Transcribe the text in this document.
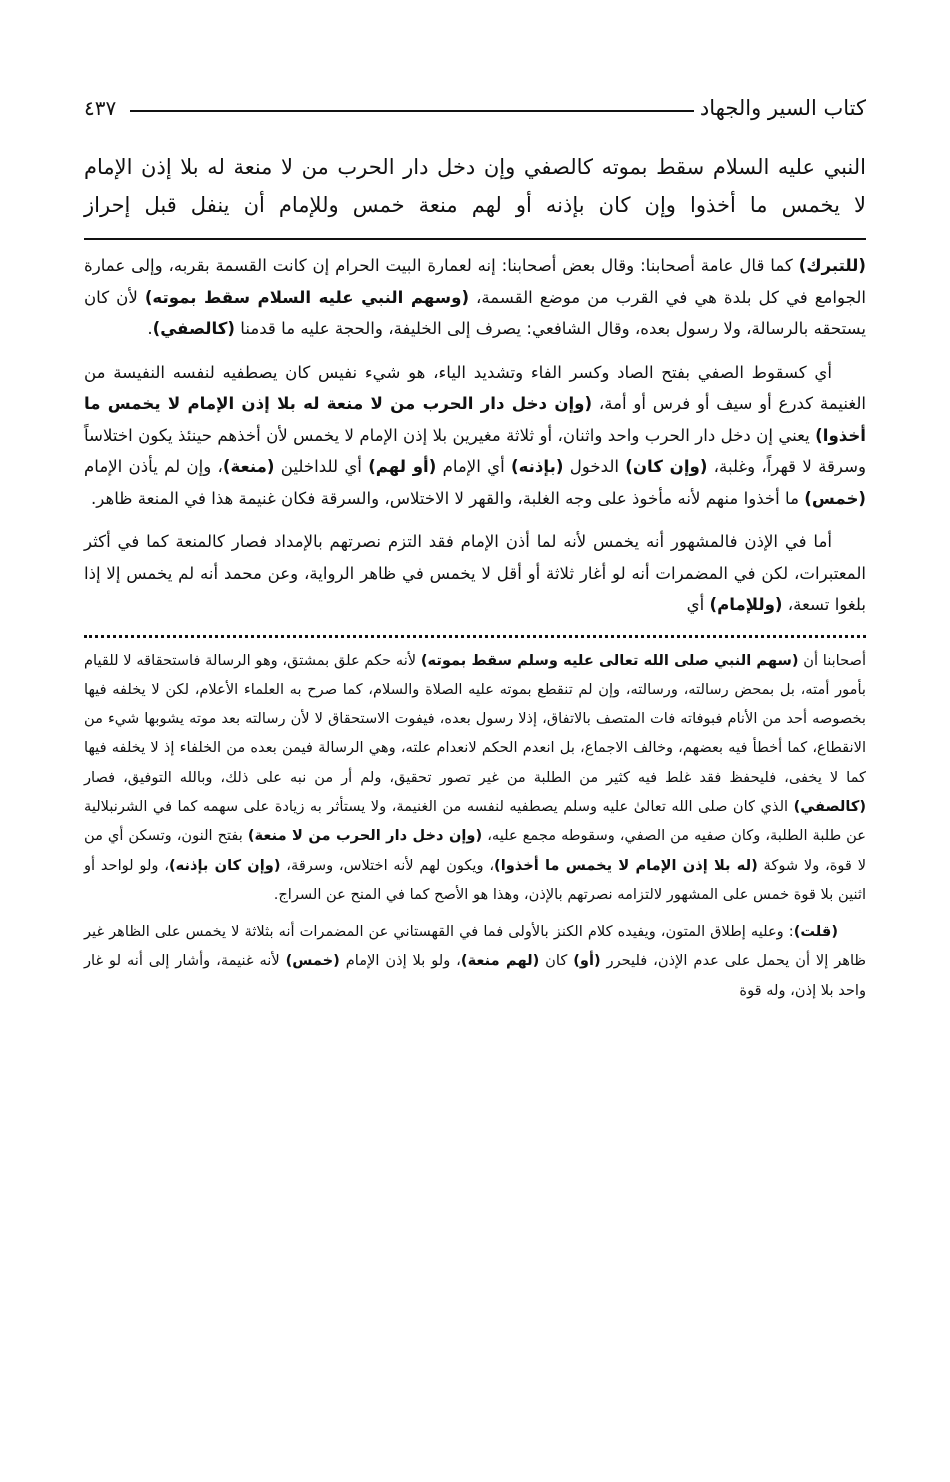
كتاب السير والجهاد
٤٣٧

النبي عليه السلام سقط بموته كالصفي وإن دخل دار الحرب من لا منعة له بلا إذن الإمام

لا يخمس ما أخذوا وإن كان بإذنه أو لهم منعة خمس وللإمام أن ينفل قبل إحراز

(للتبرك) كما قال عامة أصحابنا: وقال بعض أصحابنا: إنه لعمارة البيت الحرام إن كانت القسمة بقربه، وإلى عمارة الجوامع في كل بلدة هي في القرب من موضع القسمة، (وسهم النبي عليه السلام سقط بموته) لأن كان يستحقه بالرسالة، ولا رسول بعده، وقال الشافعي: يصرف إلى الخليفة، والحجة عليه ما قدمنا (كالصفي).

أي كسقوط الصفي بفتح الصاد وكسر الفاء وتشديد الياء، هو شيء نفيس كان يصطفيه لنفسه النفيسة من الغنيمة كدرع أو سيف أو فرس أو أمة، (وإن دخل دار الحرب من لا منعة له بلا إذن الإمام لا يخمس ما أخذوا) يعني إن دخل دار الحرب واحد واثنان، أو ثلاثة مغيرين بلا إذن الإمام لا يخمس لأن أخذهم حينئذ يكون اختلاساً وسرقة لا قهراً، وغلبة، (وإن كان) الدخول (بإذنه) أي الإمام (أو لهم) أي للداخلين (منعة)، وإن لم يأذن الإمام (خمس) ما أخذوا منهم لأنه مأخوذ على وجه الغلبة، والقهر لا الاختلاس، والسرقة فكان غنيمة هذا في المنعة ظاهر.

أما في الإذن فالمشهور أنه يخمس لأنه لما أذن الإمام فقد التزم نصرتهم بالإمداد فصار كالمنعة كما في أكثر المعتبرات، لكن في المضمرات أنه لو أغار ثلاثة أو أقل لا يخمس في ظاهر الرواية، وعن محمد أنه لم يخمس إلا إذا بلغوا تسعة، (وللإمام) أي

أصحابنا أن (سهم النبي صلى الله تعالى عليه وسلم سقط بموته) لأنه حكم علق بمشتق، وهو الرسالة فاستحقاقه لا للقيام بأمور أمته، بل بمحض رسالته، ورسالته، وإن لم تنقطع بموته عليه الصلاة والسلام، كما صرح به العلماء الأعلام، لكن لا يخلفه فيها بخصوصه أحد من الأنام فبوفاته فات المتصف بالاتفاق، إذلا رسول بعده، فيفوت الاستحقاق لا لأن رسالته بعد موته يشوبها شيء من الانقطاع، كما أخطأ فيه بعضهم، وخالف الاجماع، بل انعدم الحكم لانعدام علته، وهي الرسالة فيمن بعده من الخلفاء إذ لا يخلفه فيها كما لا يخفى، فليحفظ فقد غلط فيه كثير من الطلبة من غير تصور تحقيق، ولم أر من نبه على ذلك، وبالله التوفيق، فصار (كالصفي) الذي كان صلى الله تعالىٰ عليه وسلم يصطفيه لنفسه من الغنيمة، ولا يستأثر به زيادة على سهمه كما في الشرنبلالية عن طلبة الطلبة، وكان صفيه من الصفي، وسقوطه مجمع عليه، (وإن دخل دار الحرب من لا منعة) بفتح النون، وتسكن أي من لا قوة، ولا شوكة (له بلا إذن الإمام لا يخمس ما أخذوا)، ويكون لهم لأنه اختلاس، وسرقة، (وإن كان بإذنه)، ولو لواحد أو اثنين بلا قوة خمس على المشهور لالتزامه نصرتهم بالإذن، وهذا هو الأصح كما في المنح عن السراج.

(قلت): وعليه إطلاق المتون، ويفيده كلام الكنز بالأولى فما في القهستاني عن المضمرات أنه بثلاثة لا يخمس على الظاهر غير ظاهر إلا أن يحمل على عدم الإذن، فليحرر (أو) كان (لهم منعة)، ولو بلا إذن الإمام (خمس) لأنه غنيمة، وأشار إلى أنه لو غار واحد بلا إذن، وله قوة
